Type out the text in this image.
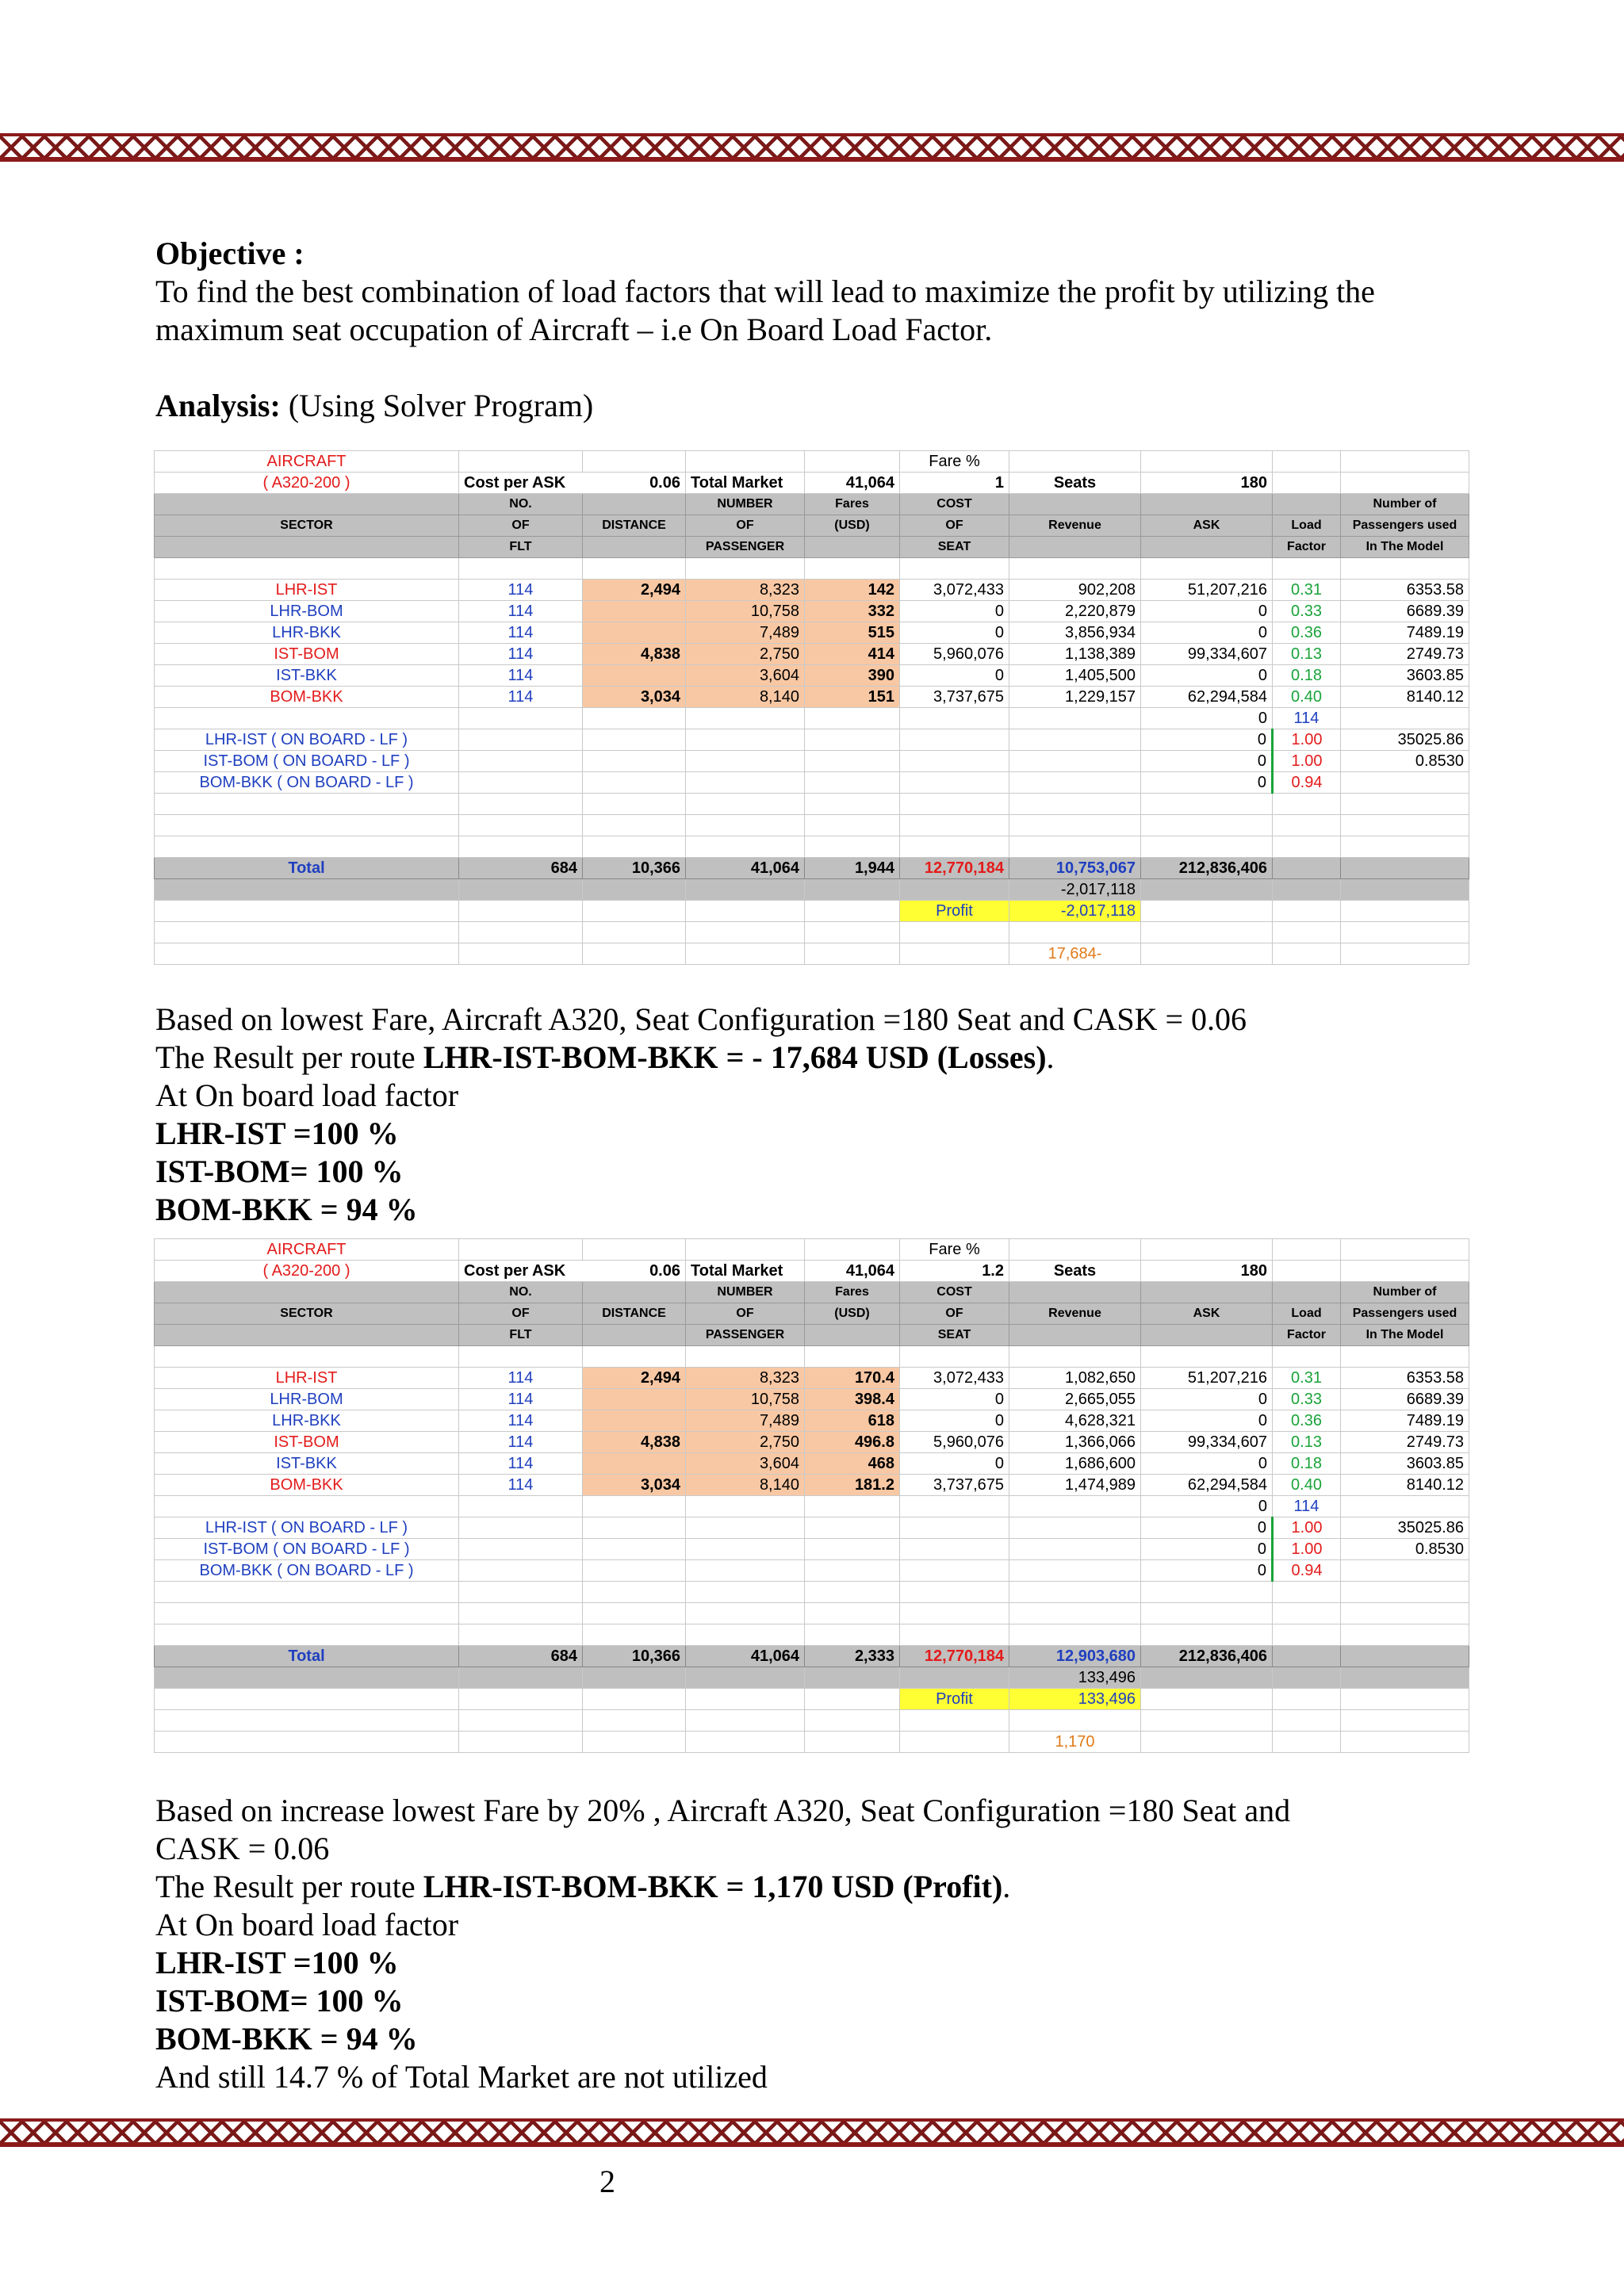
Objective :
To find the best combination of load factors that will lead to maximize the profit by utilizing the
maximum seat occupation of Aircraft – i.e On Board Load Factor.
Analysis: (Using Solver Program)
AIRCRAFT					Fare %				
( A320-200 )	Cost per ASK 0.06		Total Market	41,064	1	Seats	180		
	NO.		NUMBER	Fares	COST				Number of
SECTOR	OF	DISTANCE	OF	(USD)	OF	Revenue	ASK	Load	Passengers used
	FLT		PASSENGER		SEAT			Factor	In The Model

LHR-IST	114	2,494	8,323	142	3,072,433	902,208	51,207,216	0.31	6353.58
LHR-BOM	114		10,758	332	0	2,220,879	0	0.33	6689.39
LHR-BKK	114		7,489	515	0	3,856,934	0	0.36	7489.19
IST-BOM	114	4,838	2,750	414	5,960,076	1,138,389	99,334,607	0.13	2749.73
IST-BKK	114		3,604	390	0	1,405,500	0	0.18	3603.85
BOM-BKK	114	3,034	8,140	151	3,737,675	1,229,157	62,294,584	0.40	8140.12
							0	114	
LHR-IST ( ON BOARD - LF )							0	1.00	35025.86
IST-BOM ( ON BOARD - LF )							0	1.00	0.8530
BOM-BKK ( ON BOARD - LF )							0	0.94	

Total	684	10,366	41,064	1,944	12,770,184	10,753,067	212,836,406		
						-2,017,118			
					Profit	-2,017,118			

						17,684-			
Based on lowest Fare, Aircraft A320, Seat Configuration =180 Seat and CASK = 0.06
The Result per route LHR-IST-BOM-BKK = - 17,684 USD (Losses).
At On board load factor
LHR-IST =100 %
IST-BOM= 100 %
BOM-BKK = 94 %
AIRCRAFT					Fare %				
( A320-200 )	Cost per ASK 0.06		Total Market	41,064	1.2	Seats	180		
	NO.		NUMBER	Fares	COST				Number of
SECTOR	OF	DISTANCE	OF	(USD)	OF	Revenue	ASK	Load	Passengers used
	FLT		PASSENGER		SEAT			Factor	In The Model

LHR-IST	114	2,494	8,323	170.4	3,072,433	1,082,650	51,207,216	0.31	6353.58
LHR-BOM	114		10,758	398.4	0	2,665,055	0	0.33	6689.39
LHR-BKK	114		7,489	618	0	4,628,321	0	0.36	7489.19
IST-BOM	114	4,838	2,750	496.8	5,960,076	1,366,066	99,334,607	0.13	2749.73
IST-BKK	114		3,604	468	0	1,686,600	0	0.18	3603.85
BOM-BKK	114	3,034	8,140	181.2	3,737,675	1,474,989	62,294,584	0.40	8140.12
							0	114	
LHR-IST ( ON BOARD - LF )							0	1.00	35025.86
IST-BOM ( ON BOARD - LF )							0	1.00	0.8530
BOM-BKK ( ON BOARD - LF )							0	0.94	

Total	684	10,366	41,064	2,333	12,770,184	12,903,680	212,836,406		
						133,496			
					Profit	133,496			

						1,170			
Based on increase lowest Fare by 20% , Aircraft A320, Seat Configuration =180 Seat and
CASK = 0.06
The Result per route LHR-IST-BOM-BKK = 1,170 USD (Profit).
At On board load factor
LHR-IST =100 %
IST-BOM= 100 %
BOM-BKK = 94 %
And still 14.7 % of Total Market are not utilized
2
